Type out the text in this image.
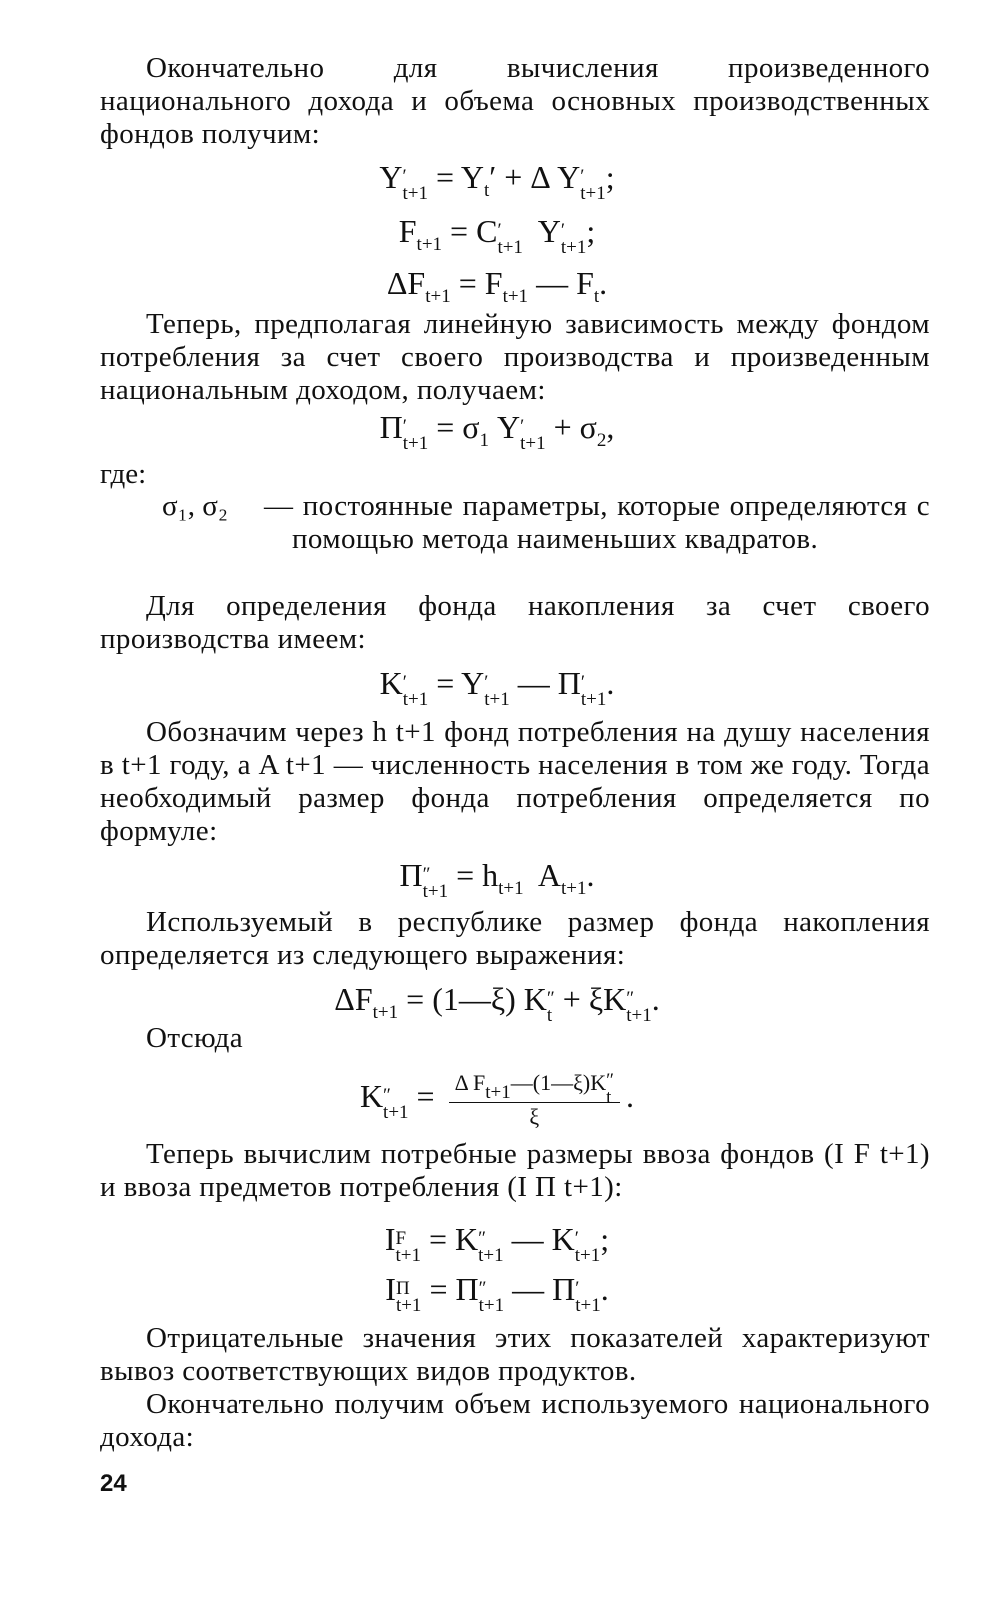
Окончательно для вычисления произведенного национального дохода и объема основных производственных фондов получим:
Y ′
$t+1 = Y_t' + \Delta$ Y ′
t+1 ;
$F_{t+1} = C$ ′
t+1 Y ′
t+1 ;
$\Delta F_{t+1} = F_{t+1}$ — $F_t$.
Теперь, предполагая линейную зависимость между фондом потребления за счет своего производства и произведенным национальным доходом, получаем:
П ′
$t+1 = \sigma_1$ Y ′
$t+1 + \sigma_2$,
где:
σ₁, σ₂ — постоянные параметры, которые определяются с помощью метода наименьших квадратов.
Для определения фонда накопления за счет своего производства имеем:
K ′
t+1 = Y ′
t+1 — П ′
t+1 .
Обозначим через h t+1 фонд потребления на душу населения в t+1 году, а A t+1 — численность населения в том же году. Тогда необходимый размер фонда потребления определяется по формуле:
П ″
$t+1 = h_{t+1}$  $A_{t+1}$.
Используемый в республике размер фонда накопления определяется из следующего выражения:
$\Delta F_{t+1}$ = (1—ξ) K ″
t + ξK ″
t+1 .
Отсюда
K ″
t+1 = Δ $F_{t+1}—(1—\xi)K$ ″
t
ξ .
Теперь вычислим потребные размеры ввоза фондов (I F t+1) и ввоза предметов потребления (I П t+1):
I F
t+1 = K ″
t+1 — K ′
t+1 ;
I П
t+1 = П ″
t+1 — П ′
t+1 .
Отрицательные значения этих показателей характеризуют вывоз соответствующих видов продуктов.
Окончательно получим объем используемого национального дохода:
24
